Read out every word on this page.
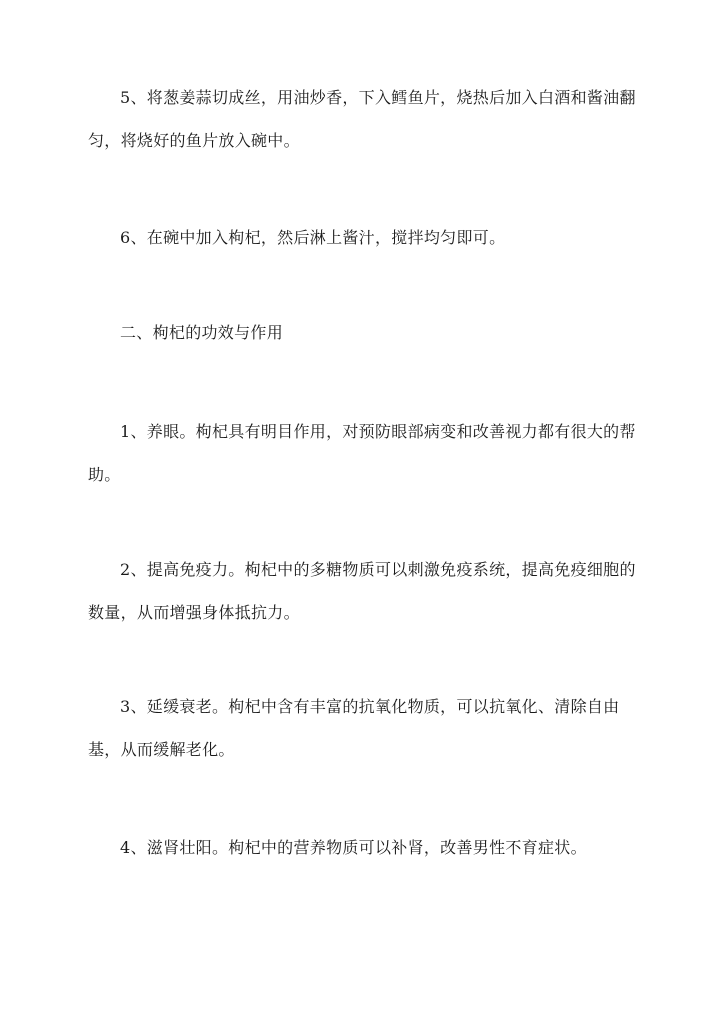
5、将葱姜蒜切成丝，用油炒香，下入鳕鱼片，烧热后加入白酒和酱油翻匀，将烧好的鱼片放入碗中。

6、在碗中加入枸杞，然后淋上酱汁，搅拌均匀即可。

二、枸杞的功效与作用

1、养眼。枸杞具有明目作用，对预防眼部病变和改善视力都有很大的帮助。

2、提高免疫力。枸杞中的多糖物质可以刺激免疫系统，提高免疫细胞的数量，从而增强身体抵抗力。

3、延缓衰老。枸杞中含有丰富的抗氧化物质，可以抗氧化、清除自由基，从而缓解老化。

4、滋肾壮阳。枸杞中的营养物质可以补肾，改善男性不育症状。
